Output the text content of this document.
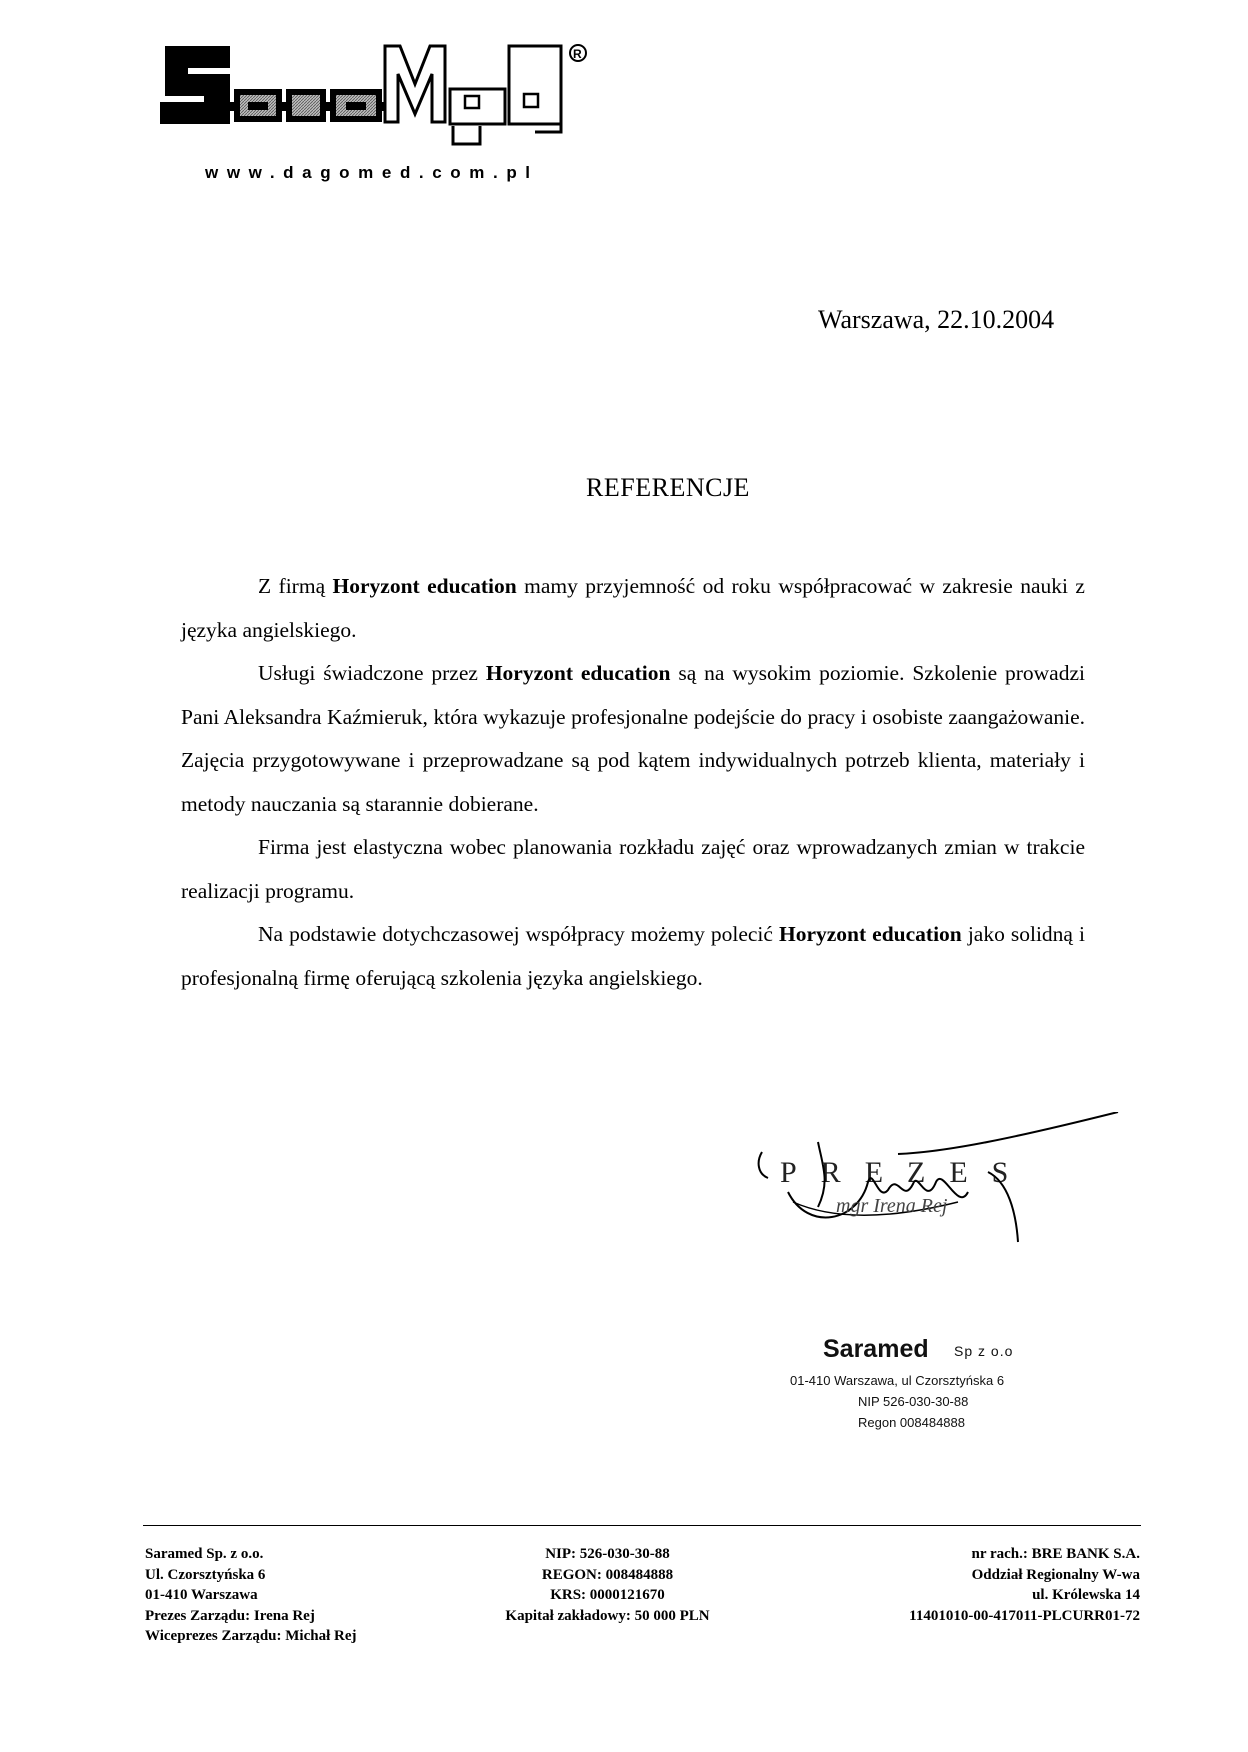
R
www.dagomed.com.pl
Warszawa, 22.10.2004
REFERENCJE

Z firmą Horyzont education mamy przyjemność od roku współpracować w zakresie nauki z języka angielskiego.

Usługi świadczone przez Horyzont education są na wysokim poziomie. Szkolenie prowadzi Pani Aleksandra Kaźmieruk, która wykazuje profesjonalne podejście do pracy i osobiste zaangażowanie. Zajęcia przygotowywane i przeprowadzane są pod kątem indywidualnych potrzeb klienta, materiały i metody nauczania są starannie dobierane.

Firma jest elastyczna wobec planowania rozkładu zajęć oraz wprowadzanych zmian w trakcie realizacji programu.

Na podstawie dotychczasowej współpracy możemy polecić Horyzont education jako solidną i profesjonalną firmę oferującą szkolenia języka angielskiego.

PREZES
mgr Irena Rej
Saramed Sp z o.o
01-410 Warszawa, ul Czorsztyńska 6
NIP 526-030-30-88
Regon 008484888
Saramed Sp. z o.o.
Ul. Czorsztyńska 6
01-410 Warszawa
Prezes Zarządu: Irena Rej
Wiceprezes Zarządu: Michał Rej
NIP: 526-030-30-88
REGON: 008484888
KRS: 0000121670
Kapitał zakładowy: 50 000 PLN
nr rach.: BRE BANK S.A.
Oddział Regionalny W-wa
ul. Królewska 14
11401010-00-417011-PLCURR01-72
